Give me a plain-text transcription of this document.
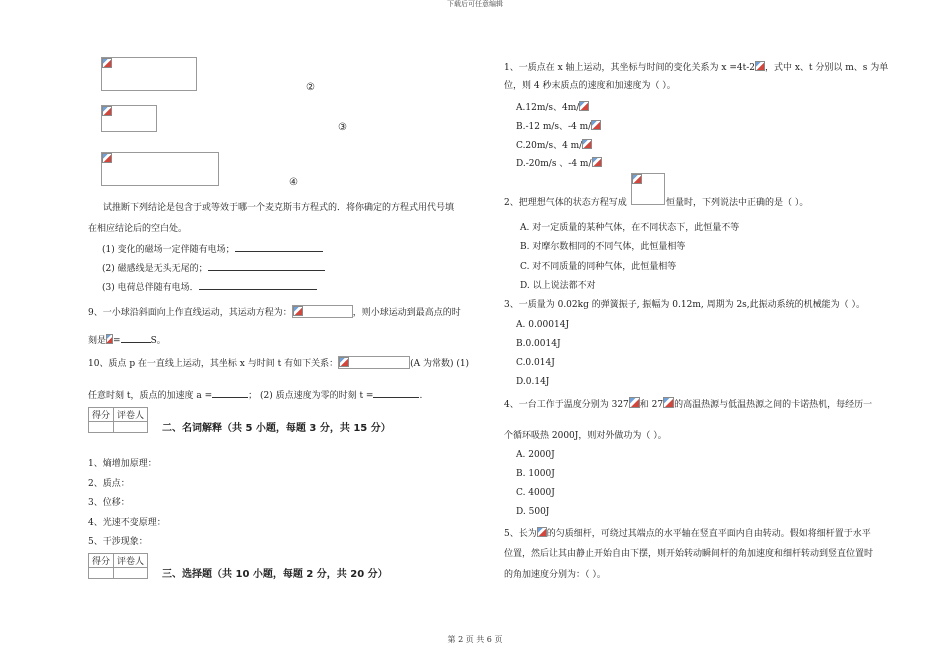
下载后可任意编辑
第 2 页 共 6 页
②
③
④
试推断下列结论是包含于或等效于哪一个麦克斯韦方程式的．将你确定的方程式用代号填
在相应结论后的空白处。
(1) 变化的磁场一定伴随有电场；
(2) 磁感线是无头无尾的；
(3) 电荷总伴随有电场．
9、一小球沿斜面向上作直线运动，其运动方程为：	，则小球运动到最高点的时
刻是 =	S。
10、质点 p 在一直线上运动，其坐标 x 与时间 t 有如下关系：	(A 为常数) (1)
任意时刻 t，质点的加速度 a =	； (2) 质点速度为零的时刻 t =	.
得分	评卷人

二、名词解释（共 5 小题，每题 3 分，共 15 分）
1、熵增加原理：
2、质点：
3、位移：
4、光速不变原理：
5、干涉现象：
得分	评卷人

三、选择题（共 10 小题，每题 2 分，共 20 分）
1、一质点在 x 轴上运动，其坐标与时间的变化关系为 x =4t-2 ，式中 x、t 分别以 m、s 为单
位，则 4 秒末质点的速度和加速度为（ ）。
A.12m/s、4m/
B.-12 m/s、-4 m/
C.20m/s、4 m/
D.-20m/s 、-4 m/
2、把理想气体的状态方程写成	恒量时，下列说法中正确的是（ ）。
A. 对一定质量的某种气体，在不同状态下，此恒量不等
B. 对摩尔数相同的不同气体，此恒量相等
C. 对不同质量的同种气体，此恒量相等
D. 以上说法都不对
3、一质量为 0.02kg 的弹簧振子, 振幅为 0.12m, 周期为 2s,此振动系统的机械能为（ ）。
A. 0.00014J
B.0.0014J
C.0.014J
D.0.14J
4、一台工作于温度分别为 327 和 27 的高温热源与低温热源之间的卡诺热机，每经历一
个循环吸热 2000J，则对外做功为（ ）。
A. 2000J
B. 1000J
C. 4000J
D. 500J
5、长为 的匀质细杆，可绕过其端点的水平轴在竖直平面内自由转动。假如将细杆置于水平
位置，然后让其由静止开始自由下摆，则开始转动瞬间杆的角加速度和细杆转动到竖直位置时
的角加速度分别为：（ ）。
